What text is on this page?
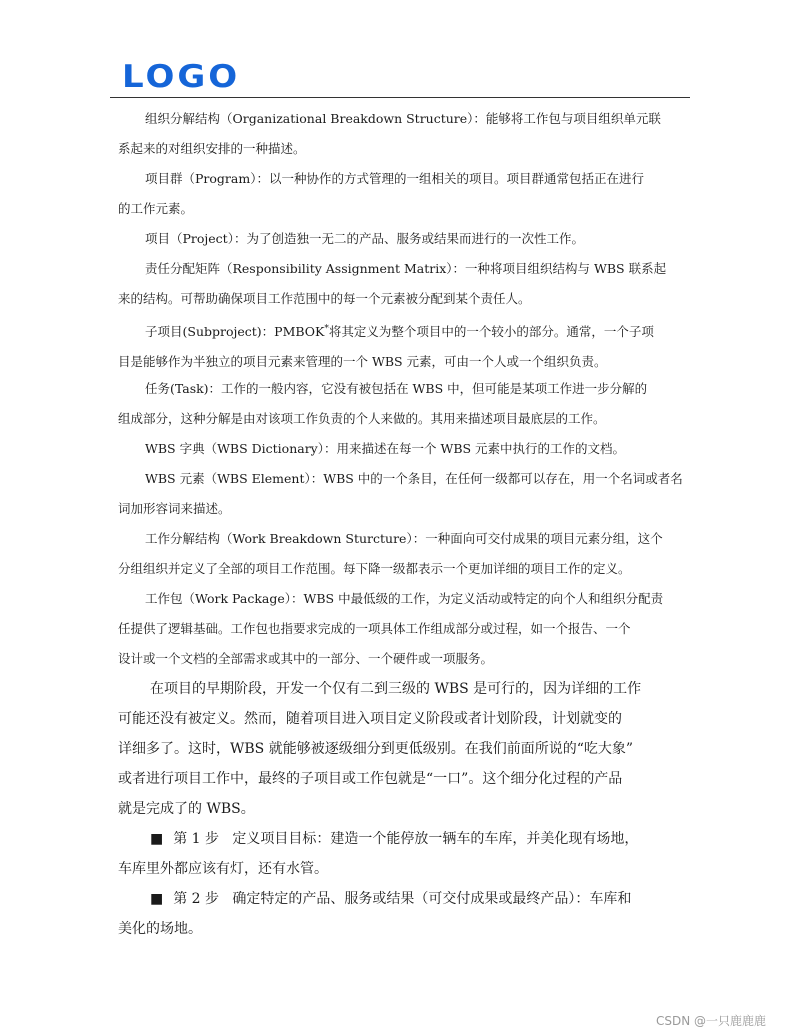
LOGO

组织分解结构（Organizational Breakdown Structure）：能够将工作包与项目组织单元联
系起来的对组织安排的一种描述。

项目群（Program）：以一种协作的方式管理的一组相关的项目。项目群通常包括正在进行
的工作元素。

项目（Project）：为了创造独一无二的产品、服务或结果而进行的一次性工作。

责任分配矩阵（Responsibility Assignment Matrix）：一种将项目组织结构与 WBS 联系起
来的结构。可帮助确保项目工作范围中的每一个元素被分配到某个责任人。

子项目(Subproject)：PMBOK*将其定义为整个项目中的一个较小的部分。通常，一个子项
目是能够作为半独立的项目元素来管理的一个 WBS 元素，可由一个人或一个组织负责。

任务(Task)：工作的一般内容，它没有被包括在 WBS 中，但可能是某项工作进一步分解的
组成部分，这种分解是由对该项工作负责的个人来做的。其用来描述项目最底层的工作。

WBS 字典（WBS Dictionary）：用来描述在每一个 WBS 元素中执行的工作的文档。

WBS 元素（WBS Element）：WBS 中的一个条目，在任何一级都可以存在，用一个名词或者名
词加形容词来描述。

工作分解结构（Work Breakdown Sturcture）：一种面向可交付成果的项目元素分组，这个
分组组织并定义了全部的项目工作范围。每下降一级都表示一个更加详细的项目工作的定义。

工作包（Work Package）：WBS 中最低级的工作，为定义活动或特定的向个人和组织分配责
任提供了逻辑基础。工作包也指要求完成的一项具体工作组成部分或过程，如一个报告、一个
设计或一个文档的全部需求或其中的一部分、一个硬件或一项服务。

在项目的早期阶段，开发一个仅有二到三级的 WBS 是可行的，因为详细的工作
可能还没有被定义。然而，随着项目进入项目定义阶段或者计划阶段，计划就变的
详细多了。这时，WBS 就能够被逐级细分到更低级别。在我们前面所说的“吃大象”
或者进行项目工作中，最终的子项目或工作包就是“一口”。这个细分化过程的产品
就是完成了的 WBS。

■ 第 1 步 定义项目目标：建造一个能停放一辆车的车库，并美化现有场地，
车库里外都应该有灯，还有水管。

■ 第 2 步 确定特定的产品、服务或结果（可交付成果或最终产品）：车库和
美化的场地。

CSDN @一只鹿鹿鹿
